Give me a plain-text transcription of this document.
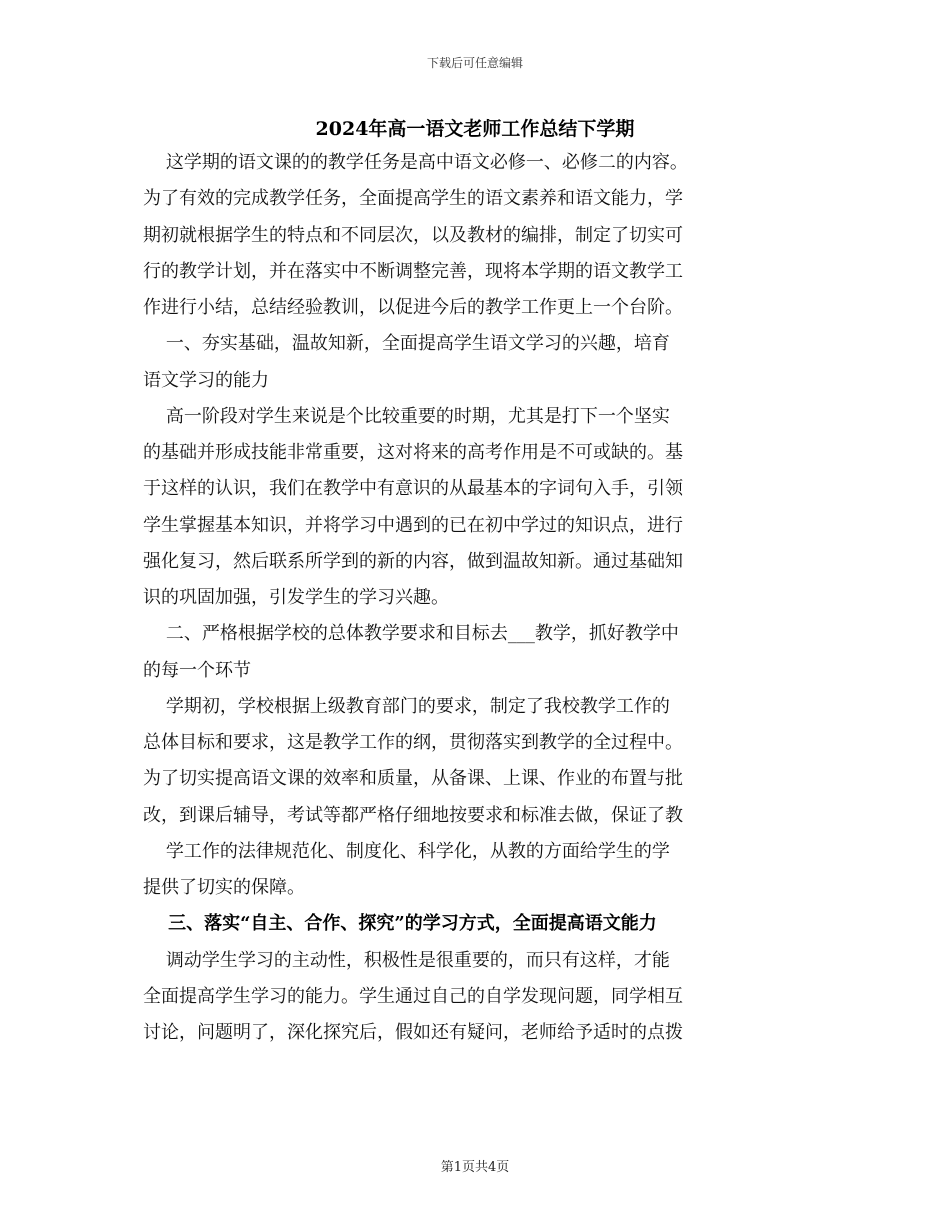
下载后可任意编辑
2024年高一语文老师工作总结下学期
这学期的语文课的的教学任务是高中语文必修一、必修二的内容。
为了有效的完成教学任务，全面提高学生的语文素养和语文能力，学
期初就根据学生的特点和不同层次，以及教材的编排，制定了切实可
行的教学计划，并在落实中不断调整完善，现将本学期的语文教学工
作进行小结，总结经验教训，以促进今后的教学工作更上一个台阶。
一、夯实基础，温故知新，全面提高学生语文学习的兴趣，培育
语文学习的能力
高一阶段对学生来说是个比较重要的时期，尤其是打下一个坚实
的基础并形成技能非常重要，这对将来的高考作用是不可或缺的。基
于这样的认识，我们在教学中有意识的从最基本的字词句入手，引领
学生掌握基本知识，并将学习中遇到的已在初中学过的知识点，进行
强化复习，然后联系所学到的新的内容，做到温故知新。通过基础知
识的巩固加强，引发学生的学习兴趣。
二、严格根据学校的总体教学要求和目标去___教学，抓好教学中
的每一个环节
学期初，学校根据上级教育部门的要求，制定了我校教学工作的
总体目标和要求，这是教学工作的纲，贯彻落实到教学的全过程中。
为了切实提高语文课的效率和质量，从备课、上课、作业的布置与批
改，到课后辅导，考试等都严格仔细地按要求和标准去做，保证了教
学工作的法律规范化、制度化、科学化，从教的方面给学生的学
提供了切实的保障。
三、落实“自主、合作、探究”的学习方式，全面提高语文能力
调动学生学习的主动性，积极性是很重要的，而只有这样，才能
全面提高学生学习的能力。学生通过自己的自学发现问题，同学相互
讨论，问题明了，深化探究后，假如还有疑问，老师给予适时的点拨
第1页共4页
